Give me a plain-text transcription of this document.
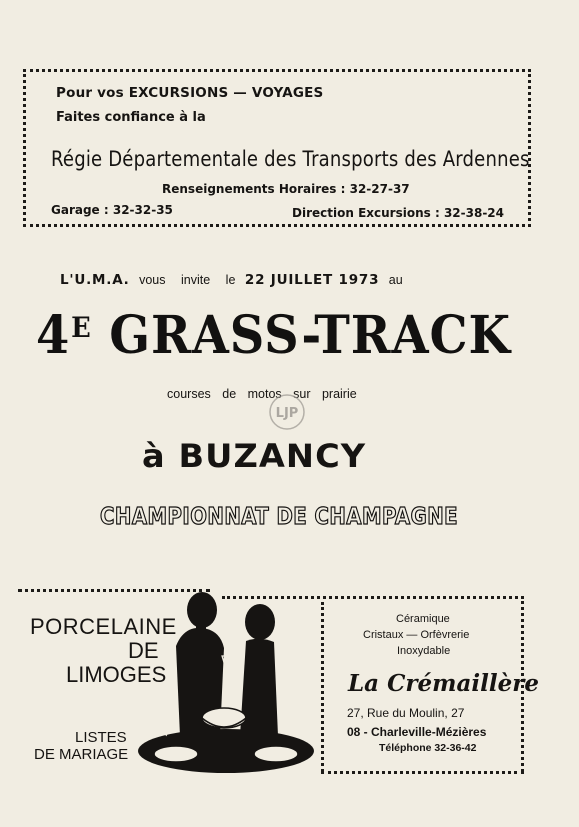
Pour vos EXCURSIONS — VOYAGES
Faites confiance à la
Régie Départementale des Transports des Ardennes
Renseignements Horaires : 32-27-37
Garage : 32-32-35	Direction Excursions : 32-38-24
L'U.M.A. vous invite le 22 JUILLET 1973 au
$4^E$ GRASS-TRACK
courses de motos sur prairie
LJP
à BUZANCY
CHAMPIONNAT DE CHAMPAGNE
PORCELAINE
DE
LIMOGES
LISTES
DE MARIAGE
Céramique
Cristaux — Orfèvrerie
Inoxydable
La Crémaillère
27, Rue du Moulin, 27
08 - Charleville-Mézières
Téléphone 32-36-42
